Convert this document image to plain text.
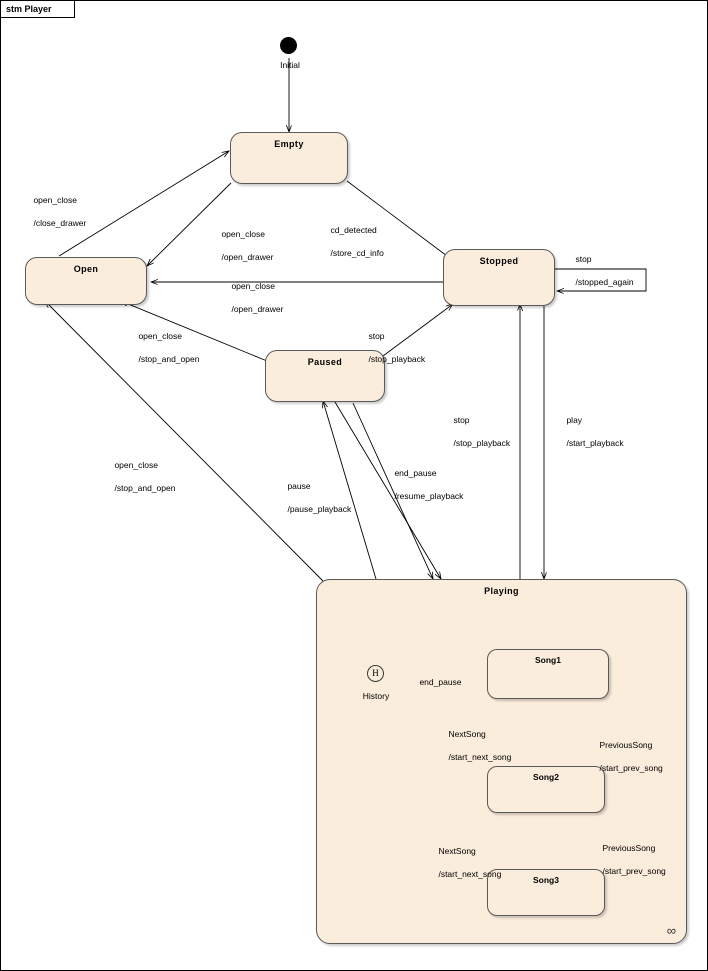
stm Player
Initial
Empty
Open
Stopped
Paused
Playing
∞
H
History
Song1
Song2
Song3

open_close

/close_drawer

open_close

/open_drawer

cd_detected

/store_cd_info

stop

/stopped_again

open_close

/open_drawer

open_close

/stop_and_open

stop

/stop_playback

stop

/stop_playback

play

/start_playback

open_close

/stop_and_open
	pause

/pause_playback

end_pause

/resume_playback

end_pause

NextSong

/start_next_song

PreviousSong

/start_prev_song

NextSong

/start_next_song

PreviousSong

/start_prev_song
